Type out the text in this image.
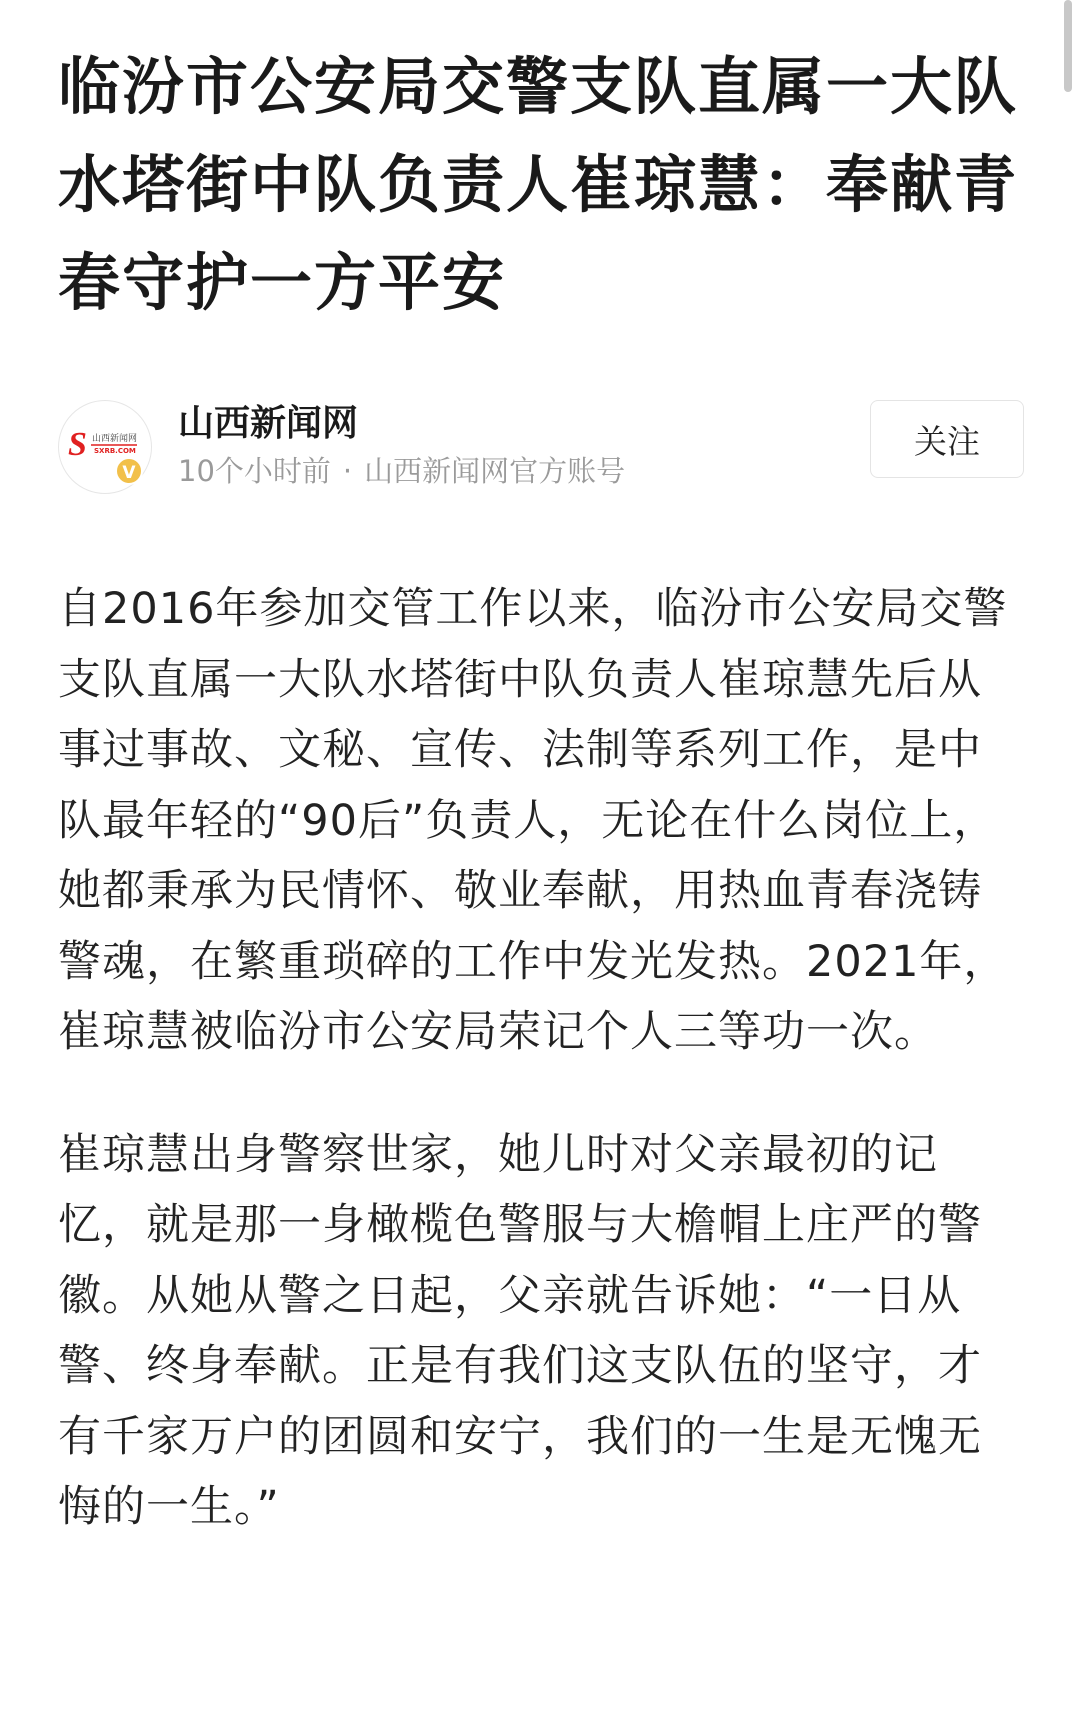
临汾市公安局交警支队直属一大队水塔街中队负责人崔琼慧：奉献青春守护一方平安
S 山西新闻网
SXRB.COM
V
山西新闻网
10个小时前 · 山西新闻网官方账号
关注

自2016年参加交管工作以来，临汾市公安局交警支队直属一大队水塔街中队负责人崔琼慧先后从事过事故、文秘、宣传、法制等系列工作，是中队最年轻的“90后”负责人，无论在什么岗位上，她都秉承为民情怀、敬业奉献，用热血青春浇铸警魂，在繁重琐碎的工作中发光发热。2021年，崔琼慧被临汾市公安局荣记个人三等功一次。

崔琼慧出身警察世家，她儿时对父亲最初的记忆，就是那一身橄榄色警服与大檐帽上庄严的警徽。从她从警之日起，父亲就告诉她：“一日从警、终身奉献。正是有我们这支队伍的坚守，才有千家万户的团圆和安宁，我们的一生是无愧无悔的一生。”
